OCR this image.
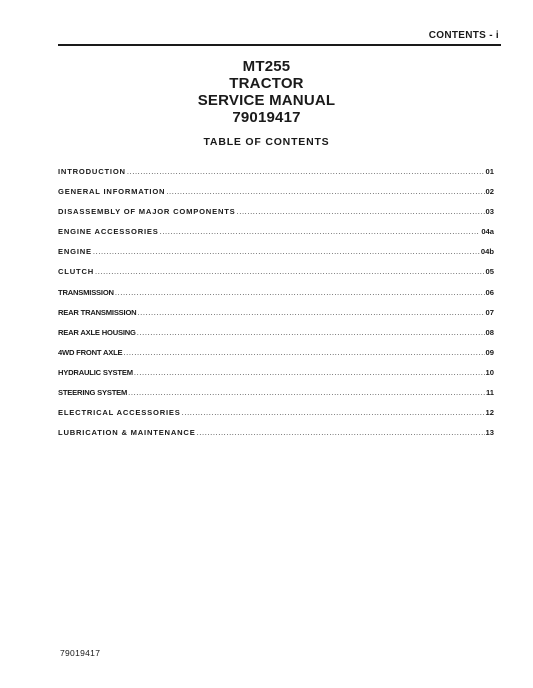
CONTENTS - i
MT255
TRACTOR
SERVICE MANUAL
79019417
TABLE OF CONTENTS
INTRODUCTION .....	01
GENERAL INFORMATION .....	02
DISASSEMBLY OF MAJOR COMPONENTS .....	03
ENGINE ACCESSORIES .....	04a
ENGINE .....	04b
CLUTCH .....	05
TRANSMISSION .....	06
REAR TRANSMISSION .....	07
REAR AXLE HOUSING .....	08
4WD FRONT AXLE .....	09
HYDRAULIC SYSTEM .....	10
STEERING SYSTEM .....	11
ELECTRICAL ACCESSORIES .....	12
LUBRICATION & MAINTENANCE .....	13
79019417
